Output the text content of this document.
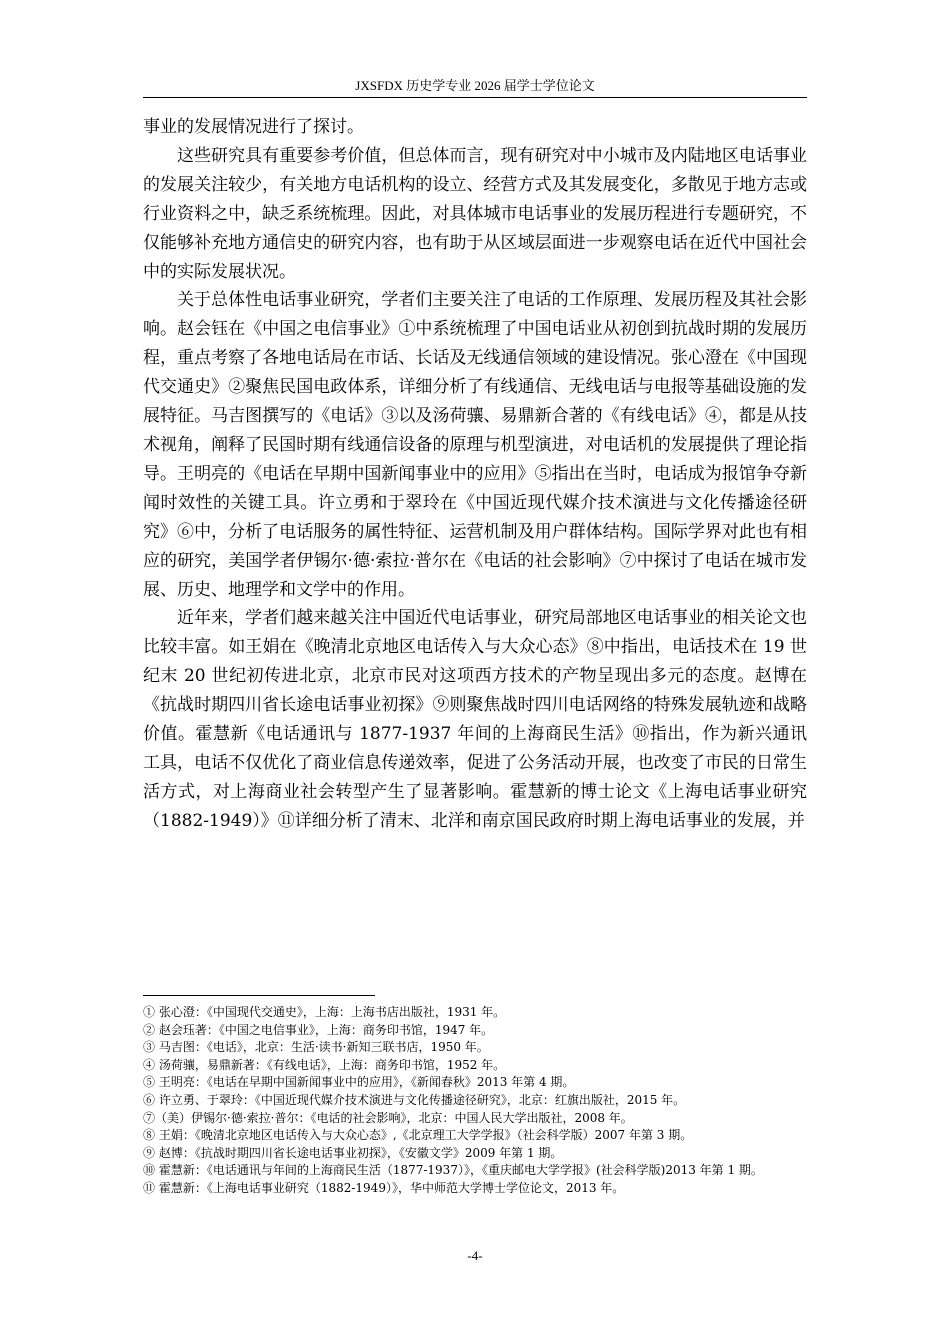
JXSFDX 历史学专业 2026 届学士学位论文

事业的发展情况进行了探讨。

这些研究具有重要参考价值，但总体而言，现有研究对中小城市及内陆地区电话事业的发展关注较少，有关地方电话机构的设立、经营方式及其发展变化，多散见于地方志或行业资料之中，缺乏系统梳理。因此，对具体城市电话事业的发展历程进行专题研究，不仅能够补充地方通信史的研究内容，也有助于从区域层面进一步观察电话在近代中国社会中的实际发展状况。

关于总体性电话事业研究，学者们主要关注了电话的工作原理、发展历程及其社会影响。赵会钰在《中国之电信事业》①中系统梳理了中国电话业从初创到抗战时期的发展历程，重点考察了各地电话局在市话、长话及无线通信领域的建设情况。张心澄在《中国现代交通史》②聚焦民国电政体系，详细分析了有线通信、无线电话与电报等基础设施的发展特征。马吉图撰写的《电话》③以及汤荷骧、易鼎新合著的《有线电话》④，都是从技术视角，阐释了民国时期有线通信设备的原理与机型演进，对电话机的发展提供了理论指导。王明亮的《电话在早期中国新闻事业中的应用》⑤指出在当时，电话成为报馆争夺新闻时效性的关键工具。许立勇和于翠玲在《中国近现代媒介技术演进与文化传播途径研究》⑥中，分析了电话服务的属性特征、运营机制及用户群体结构。国际学界对此也有相应的研究，美国学者伊锡尔·德·索拉·普尔在《电话的社会影响》⑦中探讨了电话在城市发展、历史、地理学和文学中的作用。

近年来，学者们越来越关注中国近代电话事业，研究局部地区电话事业的相关论文也比较丰富。如王娟在《晚清北京地区电话传入与大众心态》⑧中指出，电话技术在 19 世纪末 20 世纪初传进北京，北京市民对这项西方技术的产物呈现出多元的态度。赵博在《抗战时期四川省长途电话事业初探》⑨则聚焦战时四川电话网络的特殊发展轨迹和战略价值。霍慧新《电话通讯与 1877-1937 年间的上海商民生活》⑩指出，作为新兴通讯工具，电话不仅优化了商业信息传递效率，促进了公务活动开展，也改变了市民的日常生活方式，对上海商业社会转型产生了显著影响。霍慧新的博士论文《上海电话事业研究（1882-1949）》⑪详细分析了清末、北洋和南京国民政府时期上海电话事业的发展，并

① 张心澄：《中国现代交通史》，上海：上海书店出版社，1931 年。

② 赵会珏著：《中国之电信事业》，上海：商务印书馆，1947 年。

③ 马吉图：《电话》，北京：生活·读书·新知三联书店，1950 年。

④ 汤荷骧，易鼎新著：《有线电话》，上海：商务印书馆，1952 年。

⑤ 王明亮：《电话在早期中国新闻事业中的应用》，《新闻春秋》2013 年第 4 期。

⑥ 许立勇、于翠玲：《中国近现代媒介技术演进与文化传播途径研究》，北京：红旗出版社，2015 年。

⑦（美）伊锡尔·德·索拉·普尔：《电话的社会影响》，北京：中国人民大学出版社，2008 年。

⑧ 王娟：《晚清北京地区电话传入与大众心态》,《北京理工大学学报》（社会科学版）2007 年第 3 期。

⑨ 赵博：《抗战时期四川省长途电话事业初探》，《安徽文学》2009 年第 1 期。

⑩ 霍慧新：《电话通讯与年间的上海商民生活（1877-1937）》，《重庆邮电大学学报》(社会科学版)2013 年第 1 期。

⑪ 霍慧新：《上海电话事业研究（1882-1949）》，华中师范大学博士学位论文，2013 年。

-4-
